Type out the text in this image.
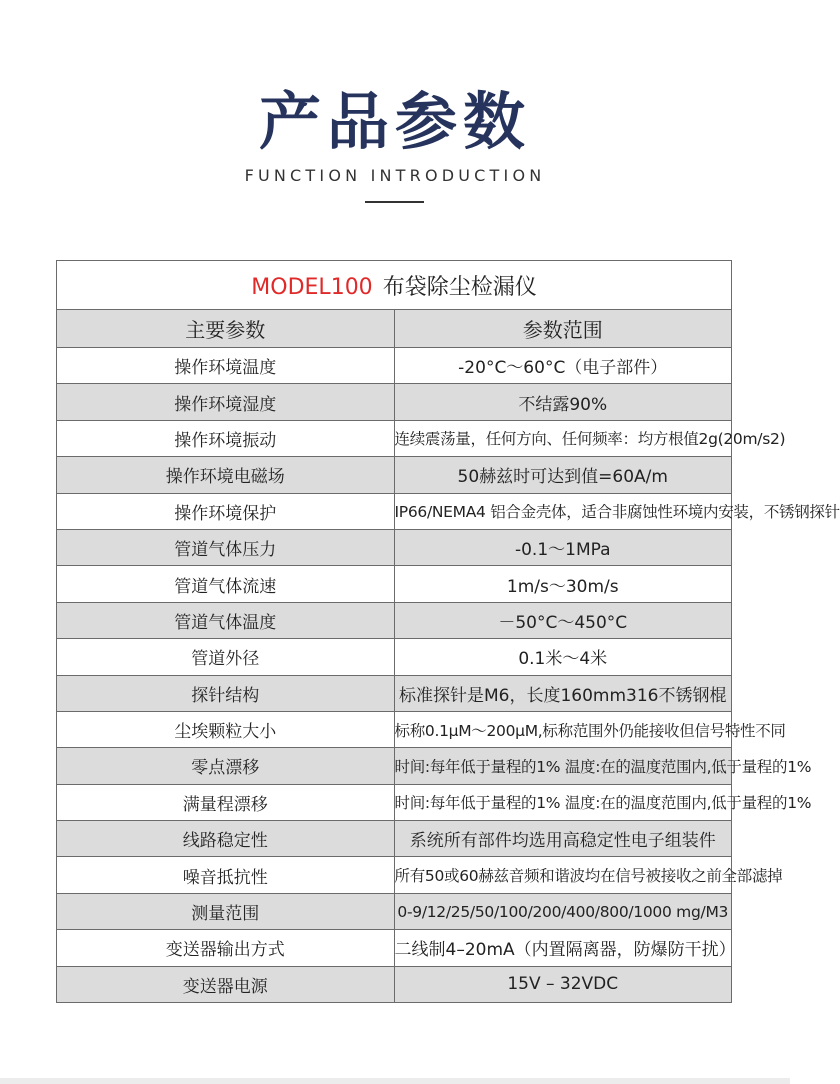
产品参数
FUNCTION INTRODUCTION
MODEL100 布袋除尘检漏仪	
主要参数	参数范围
操作环境温度	-20°C～60°C（电子部件）
操作环境湿度	不结露90%
操作环境振动	连续震荡量，任何方向、任何频率：均方根值2g(20m/s2)
操作环境电磁场	50赫兹时可达到值=60A/m
操作环境保护	IP66/NEMA4 铝合金壳体，适合非腐蚀性环境内安装，不锈钢探针
管道气体压力	-0.1～1MPa
管道气体流速	1m/s～30m/s
管道气体温度	－50°C～450°C
管道外径	0.1米～4米
探针结构	标准探针是M6，长度160mm316不锈钢棍
尘埃颗粒大小	标称0.1μM～200μM,标称范围外仍能接收但信号特性不同
零点漂移	时间:每年低于量程的1% 温度:在的温度范围内,低于量程的1%
满量程漂移	时间:每年低于量程的1% 温度:在的温度范围内,低于量程的1%
线路稳定性	系统所有部件均选用高稳定性电子组装件
噪音抵抗性	所有50或60赫兹音频和谐波均在信号被接收之前全部滤掉
测量范围	0-9/12/25/50/100/200/400/800/1000 mg/M3
变送器输出方式	二线制4–20mA（内置隔离器，防爆防干扰）
变送器电源	15V – 32VDC
